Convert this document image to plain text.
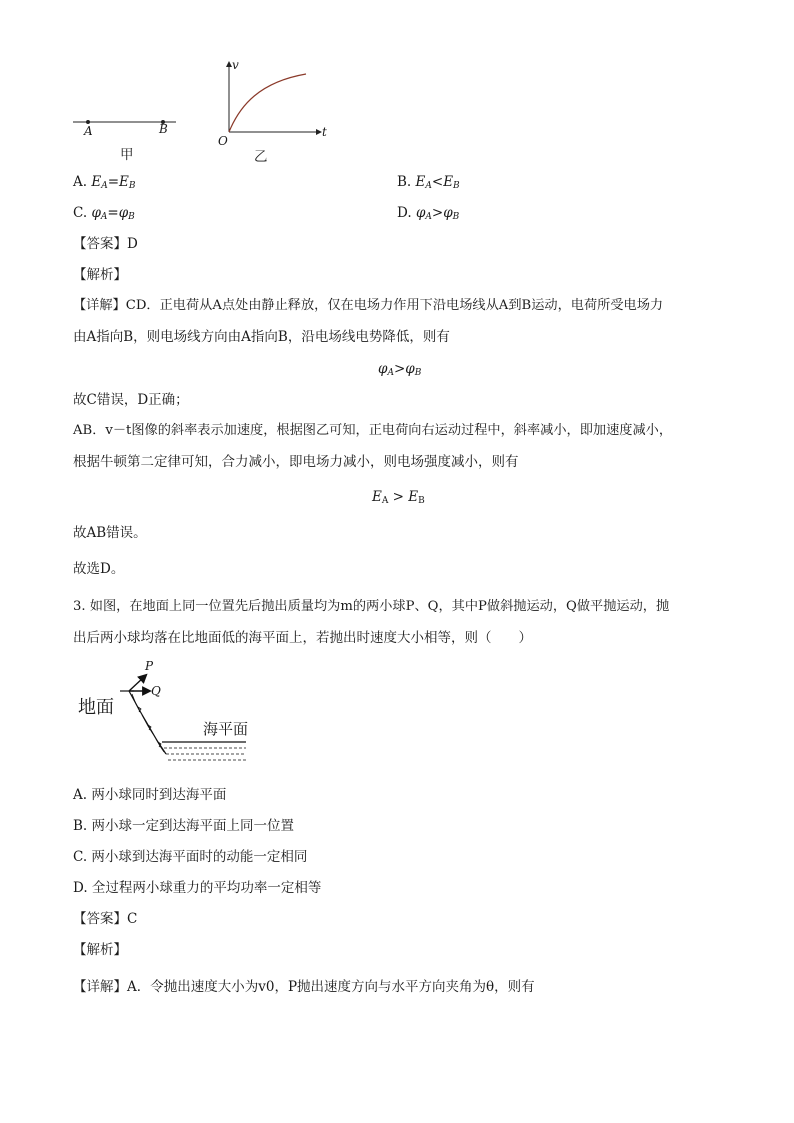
A	B
甲
v
t
O
乙
A. $E_A=E_B$	B. $E_A<E_B$
C. $\varphi_A=\varphi_B$	D. $\varphi_A>\varphi_B$
【答案】D
【解析】
【详解】CD．正电荷从A点处由静止释放，仅在电场力作用下沿电场线从A到B运动，电荷所受电场力
由A指向B，则电场线方向由A指向B，沿电场线电势降低，则有
$\varphi_A>\varphi_B$
故C错误，D正确；
AB．v－t图像的斜率表示加速度，根据图乙可知，正电荷向右运动过程中，斜率减小，即加速度减小，
根据牛顿第二定律可知，合力减小，即电场力减小，则电场强度减小，则有
EA > EB
故AB错误。
故选D。
3. 如图，在地面上同一位置先后抛出质量均为m的两小球P、Q，其中P做斜抛运动，Q做平抛运动，抛
出后两小球均落在比地面低的海平面上，若抛出时速度大小相等，则（　　）
P
Q
地面
海平面
A. 两小球同时到达海平面
B. 两小球一定到达海平面上同一位置
C. 两小球到达海平面时的动能一定相同
D. 全过程两小球重力的平均功率一定相等
【答案】C
【解析】
【详解】A．令抛出速度大小为v0，P抛出速度方向与水平方向夹角为θ，则有
